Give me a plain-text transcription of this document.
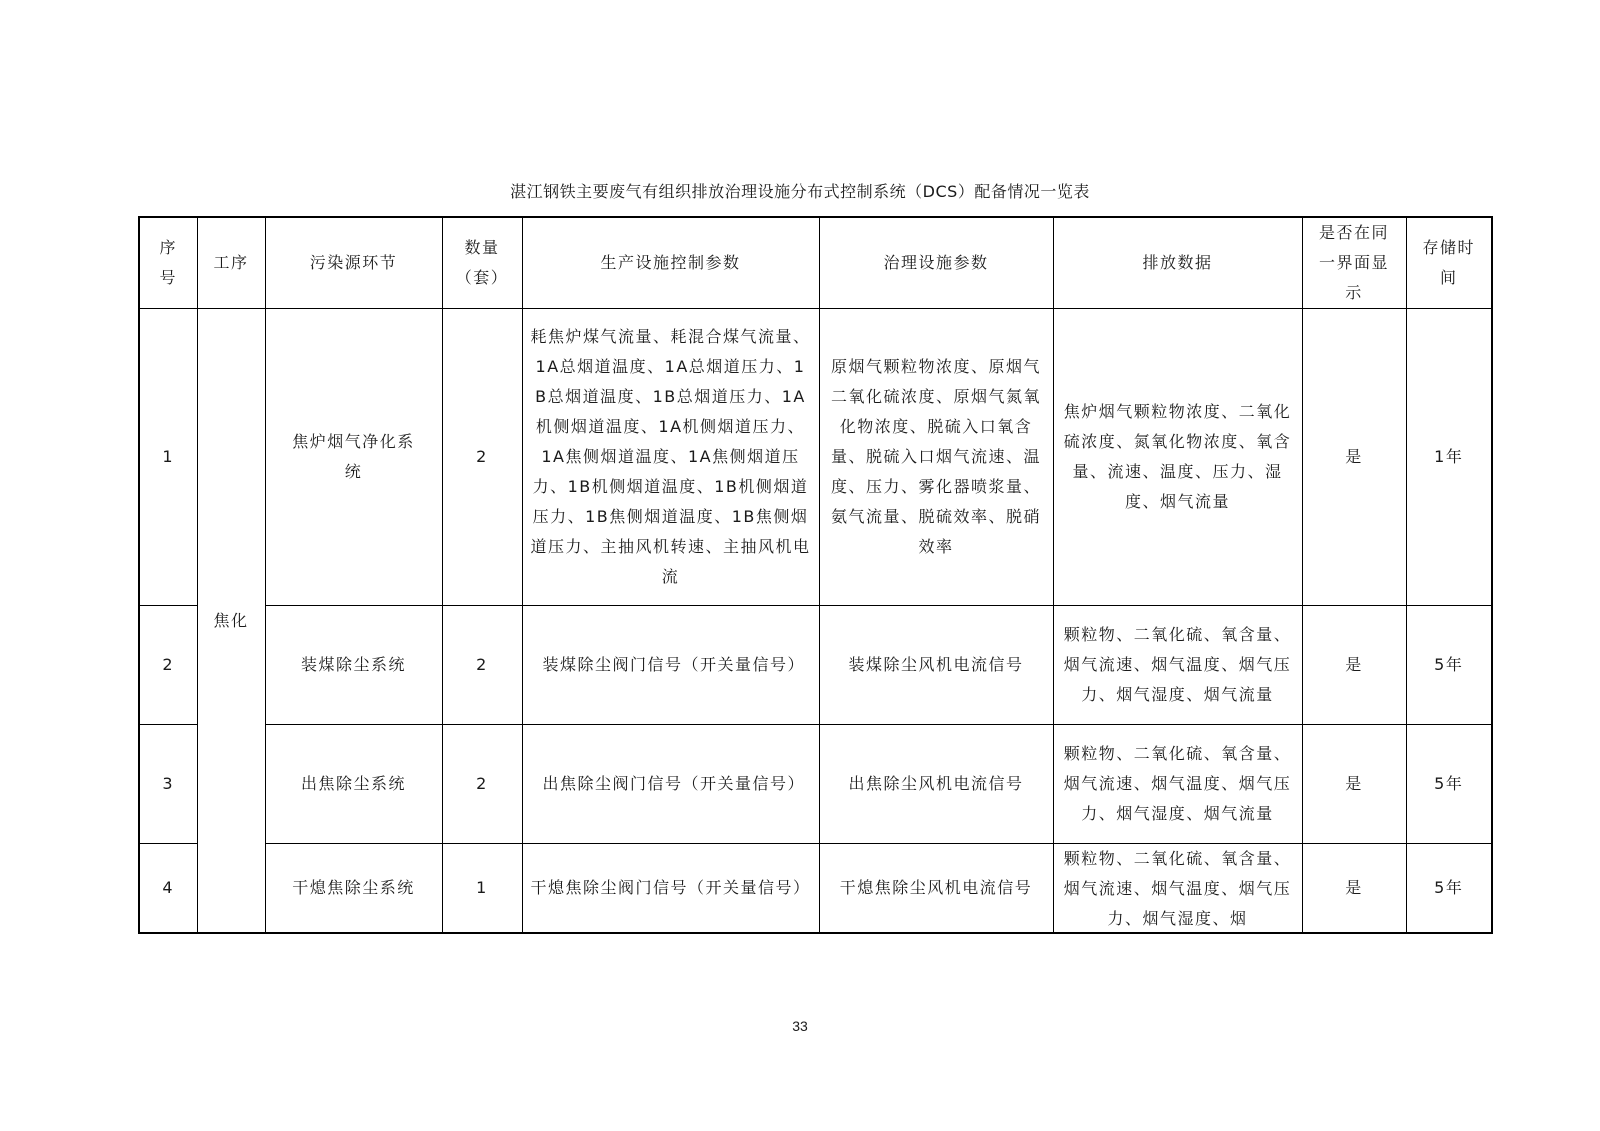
湛江钢铁主要废气有组织排放治理设施分布式控制系统（DCS）配备情况一览表
序号	工序	污染源环节	数量（套）	生产设施控制参数	治理设施参数	排放数据	是否在同一界面显示	存储时间
1	焦化	焦炉烟气净化系统	2	耗焦炉煤气流量、耗混合煤气流量、1A总烟道温度、1A总烟道压力、1B总烟道温度、1B总烟道压力、1A机侧烟道温度、1A机侧烟道压力、1A焦侧烟道温度、1A焦侧烟道压力、1B机侧烟道温度、1B机侧烟道压力、1B焦侧烟道温度、1B焦侧烟道压力、主抽风机转速、主抽风机电流	原烟气颗粒物浓度、原烟气二氧化硫浓度、原烟气氮氧化物浓度、脱硫入口氧含量、脱硫入口烟气流速、温度、压力、雾化器喷浆量、氨气流量、脱硫效率、脱硝效率	焦炉烟气颗粒物浓度、二氧化硫浓度、氮氧化物浓度、氧含量、流速、温度、压力、湿度、烟气流量	是	1年
2		装煤除尘系统	2	装煤除尘阀门信号（开关量信号）	装煤除尘风机电流信号	颗粒物、二氧化硫、氧含量、烟气流速、烟气温度、烟气压力、烟气湿度、烟气流量	是	5年
3		出焦除尘系统	2	出焦除尘阀门信号（开关量信号）	出焦除尘风机电流信号	颗粒物、二氧化硫、氧含量、烟气流速、烟气温度、烟气压力、烟气湿度、烟气流量	是	5年
4		干熄焦除尘系统	1	干熄焦除尘阀门信号（开关量信号）	干熄焦除尘风机电流信号	颗粒物、二氧化硫、氧含量、烟气流速、烟气温度、烟气压力、烟气湿度、烟	是	5年
33
